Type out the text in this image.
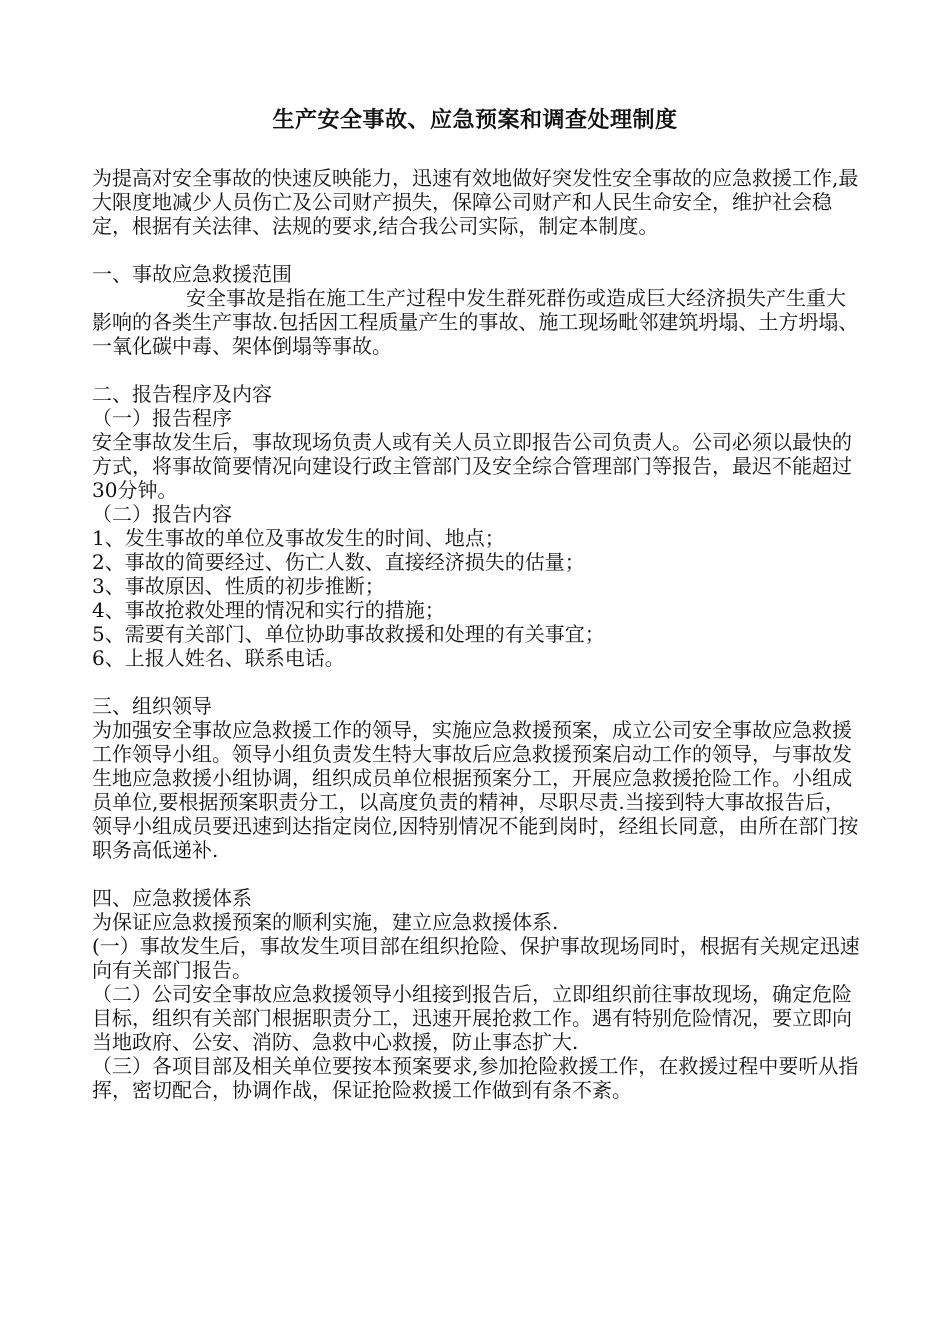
生产安全事故、应急预案和调查处理制度

为提高对安全事故的快速反映能力，迅速有效地做好突发性安全事故的应急救援工作,最大限度地减少人员伤亡及公司财产损失，保障公司财产和人民生命安全，维护社会稳定，根据有关法律、法规的要求,结合我公司实际，制定本制度。

一、事故应急救援范围

安全事故是指在施工生产过程中发生群死群伤或造成巨大经济损失产生重大影响的各类生产事故.包括因工程质量产生的事故、施工现场毗邻建筑坍塌、土方坍塌、一氧化碳中毒、架体倒塌等事故。

二、报告程序及内容

（一）报告程序

安全事故发生后，事故现场负责人或有关人员立即报告公司负责人。公司必须以最快的方式，将事故简要情况向建设行政主管部门及安全综合管理部门等报告，最迟不能超过30分钟。

（二）报告内容

1、发生事故的单位及事故发生的时间、地点；

2、事故的简要经过、伤亡人数、直接经济损失的估量；

3、事故原因、性质的初步推断；

4、事故抢救处理的情况和实行的措施；

5、需要有关部门、单位协助事故救援和处理的有关事宜；

6、上报人姓名、联系电话。

三、组织领导

为加强安全事故应急救援工作的领导，实施应急救援预案，成立公司安全事故应急救援工作领导小组。领导小组负责发生特大事故后应急救援预案启动工作的领导，与事故发生地应急救援小组协调，组织成员单位根据预案分工，开展应急救援抢险工作。小组成员单位,要根据预案职责分工，以高度负责的精神，尽职尽责.当接到特大事故报告后，领导小组成员要迅速到达指定岗位,因特别情况不能到岗时，经组长同意，由所在部门按职务高低递补.

四、应急救援体系

为保证应急救援预案的顺利实施，建立应急救援体系.

(一）事故发生后，事故发生项目部在组织抢险、保护事故现场同时，根据有关规定迅速向有关部门报告。

（二）公司安全事故应急救援领导小组接到报告后，立即组织前往事故现场，确定危险目标，组织有关部门根据职责分工，迅速开展抢救工作。遇有特别危险情况，要立即向当地政府、公安、消防、急救中心救援，防止事态扩大.

（三）各项目部及相关单位要按本预案要求,参加抢险救援工作，在救援过程中要听从指挥，密切配合，协调作战，保证抢险救援工作做到有条不紊。
